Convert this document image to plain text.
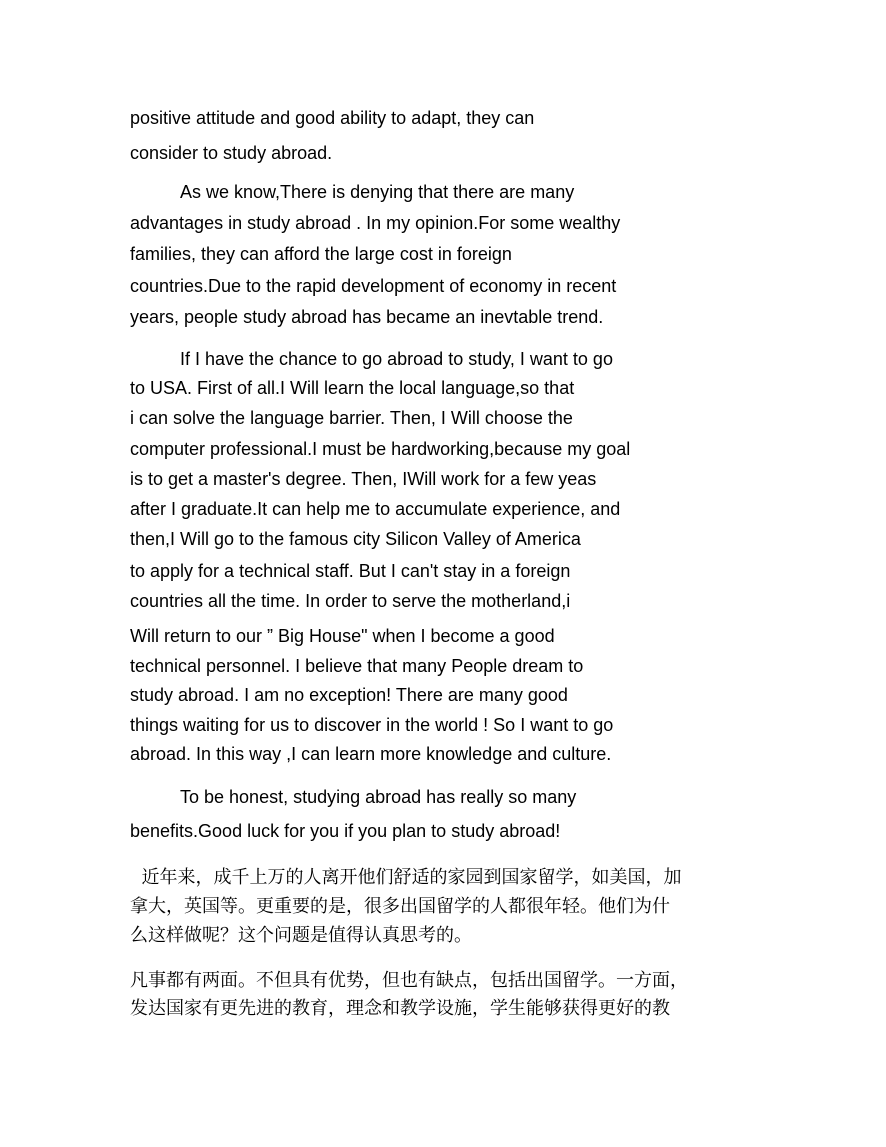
positive attitude and good ability to adapt, they can
consider to study abroad.
As we know,There is denying that there are many
advantages in study abroad . In my opinion.For some wealthy
families, they can afford the large cost in foreign
countries.Due to the rapid development of economy in recent
years, people study abroad has became an inevtable trend.
If I have the chance to go abroad to study, I want to go
to USA. First of all.I Will learn the local language,so that
i can solve the language barrier. Then, I Will choose the
computer professional.I must be hardworking,because my goal
is to get a master's degree. Then, IWill work for a few yeas
after I graduate.It can help me to accumulate experience, and
then,I Will go to the famous city Silicon Valley of America
to apply for a technical staff. But I can't stay in a foreign
countries all the time. In order to serve the motherland,i
Will return to our ” Big House" when I become a good
technical personnel. I believe that many People dream to
study abroad. I am no exception! There are many good
things waiting for us to discover in the world ! So I want to go
abroad. In this way ,I can learn more knowledge and culture.
To be honest, studying abroad has really so many
benefits.Good luck for you if you plan to study abroad!
近年来，成千上万的人离开他们舒适的家园到国家留学，如美国，加
拿大，英国等。更重要的是，很多出国留学的人都很年轻。他们为什
么这样做呢？这个问题是值得认真思考的。
凡事都有两面。不但具有优势，但也有缺点，包括出国留学。一方面，
发达国家有更先进的教育，理念和教学设施，学生能够获得更好的教
